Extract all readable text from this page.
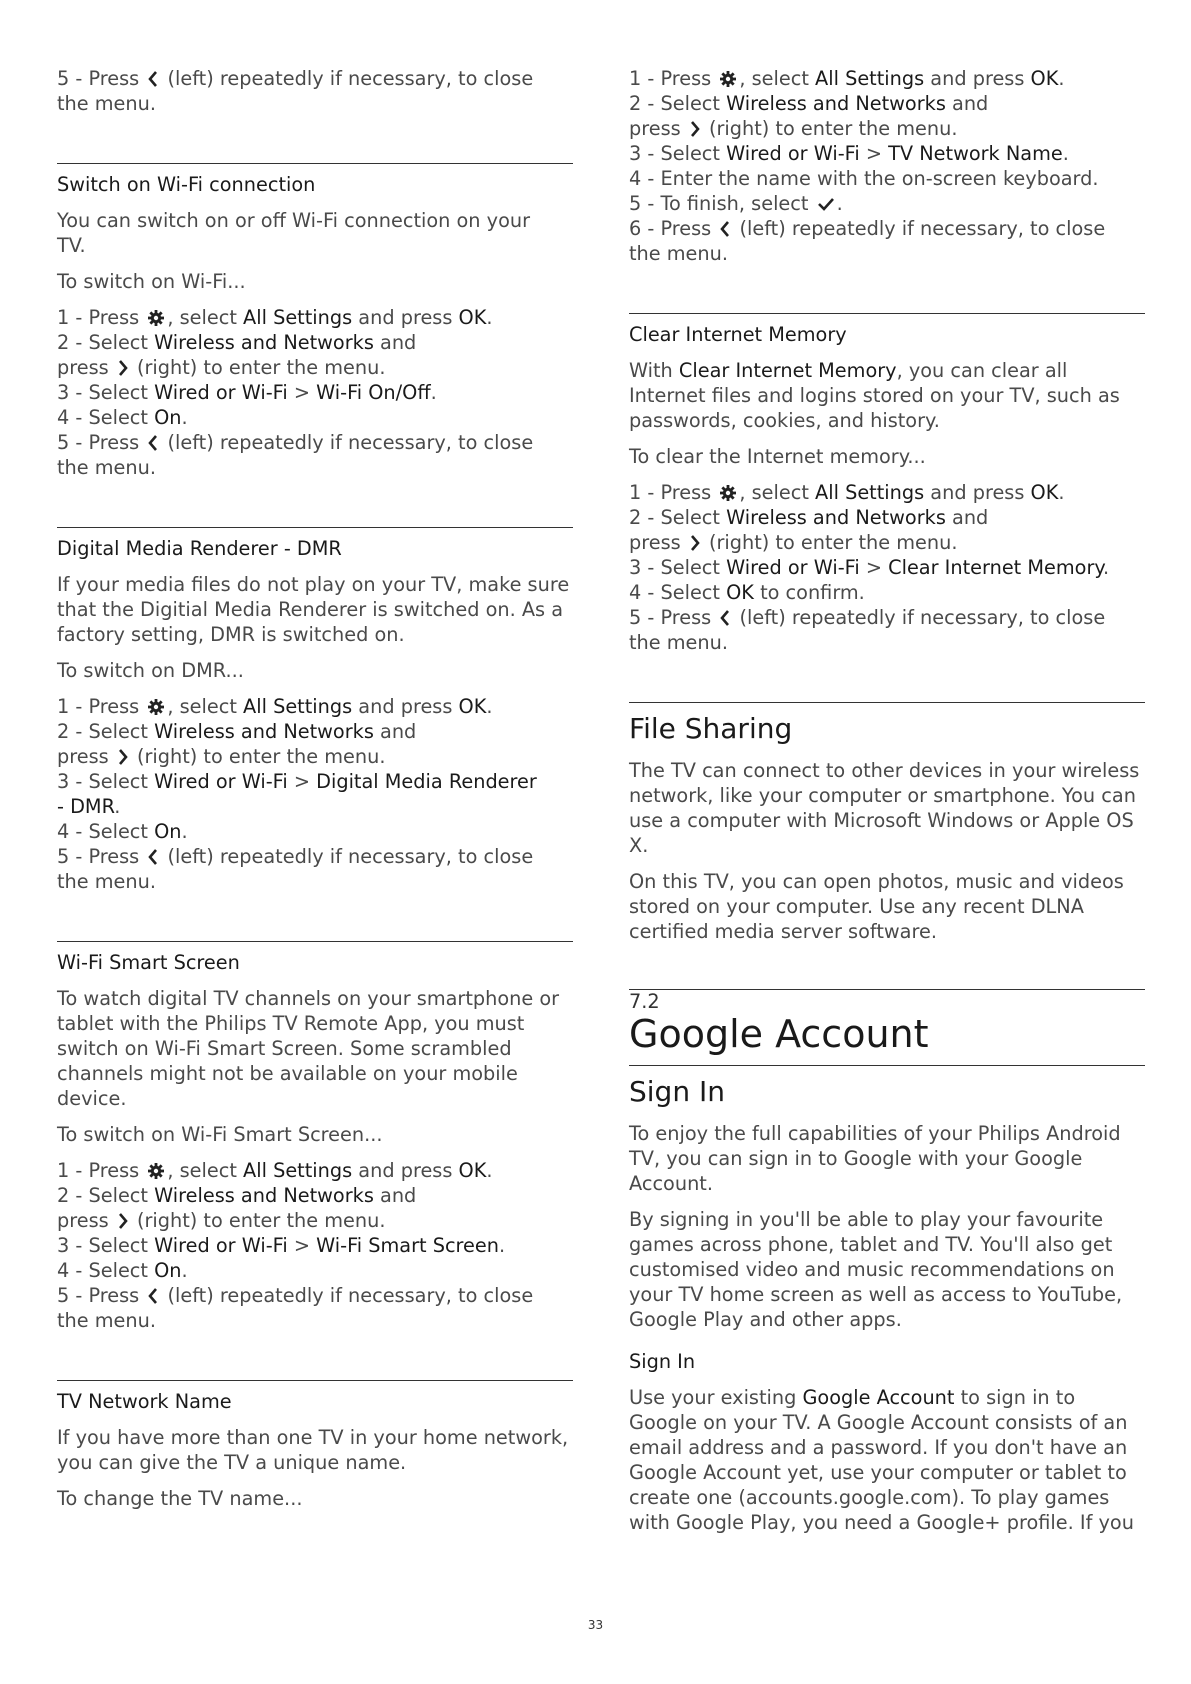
5 - Press
(left) repeatedly if necessary, to close

the menu.

Switch on Wi-Fi connection

You can switch on or off Wi-Fi connection on your

TV.

To switch on Wi-Fi...

1 - Press
, select All Settings and press OK.

2 - Select Wireless and Networks and

press
(right) to enter the menu.

3 - Select Wired or Wi-Fi > Wi-Fi On/Off.

4 - Select On.

5 - Press
(left) repeatedly if necessary, to close

the menu.

Digital Media Renderer - DMR

If your media files do not play on your TV, make sure

that the Digitial Media Renderer is switched on. As a

factory setting, DMR is switched on.

To switch on DMR...

1 - Press
, select All Settings and press OK.

2 - Select Wireless and Networks and

press
(right) to enter the menu.

3 - Select Wired or Wi-Fi > Digital Media Renderer

- DMR.

4 - Select On.

5 - Press
(left) repeatedly if necessary, to close

the menu.

Wi-Fi Smart Screen

To watch digital TV channels on your smartphone or

tablet with the Philips TV Remote App, you must

switch on Wi-Fi Smart Screen. Some scrambled

channels might not be available on your mobile

device.

To switch on Wi-Fi Smart Screen...

1 - Press
, select All Settings and press OK.

2 - Select Wireless and Networks and

press
(right) to enter the menu.

3 - Select Wired or Wi-Fi > Wi-Fi Smart Screen.

4 - Select On.

5 - Press
(left) repeatedly if necessary, to close

the menu.

TV Network Name

If you have more than one TV in your home network,

you can give the TV a unique name.

To change the TV name...

1 - Press
, select All Settings and press OK.

2 - Select Wireless and Networks and

press
(right) to enter the menu.

3 - Select Wired or Wi-Fi > TV Network Name.

4 - Enter the name with the on-screen keyboard.

5 - To finish, select
.

6 - Press
(left) repeatedly if necessary, to close

the menu.

Clear Internet Memory

With Clear Internet Memory, you can clear all

Internet files and logins stored on your TV, such as

passwords, cookies, and history.

To clear the Internet memory...

1 - Press
, select All Settings and press OK.

2 - Select Wireless and Networks and

press
(right) to enter the menu.

3 - Select Wired or Wi-Fi > Clear Internet Memory.

4 - Select OK to confirm.

5 - Press
(left) repeatedly if necessary, to close

the menu.

File Sharing

The TV can connect to other devices in your wireless

network, like your computer or smartphone. You can

use a computer with Microsoft Windows or Apple OS

X.

On this TV, you can open photos, music and videos

stored on your computer. Use any recent DLNA

certified media server software.

7.2

Google Account

Sign In

To enjoy the full capabilities of your Philips Android

TV, you can sign in to Google with your Google

Account.

By signing in you'll be able to play your favourite

games across phone, tablet and TV. You'll also get

customised video and music recommendations on

your TV home screen as well as access to YouTube,

Google Play and other apps.

Sign In

Use your existing Google Account to sign in to

Google on your TV. A Google Account consists of an

email address and a password. If you don't have an

Google Account yet, use your computer or tablet to

create one (accounts.google.com). To play games

with Google Play, you need a Google+ profile. If you

33
